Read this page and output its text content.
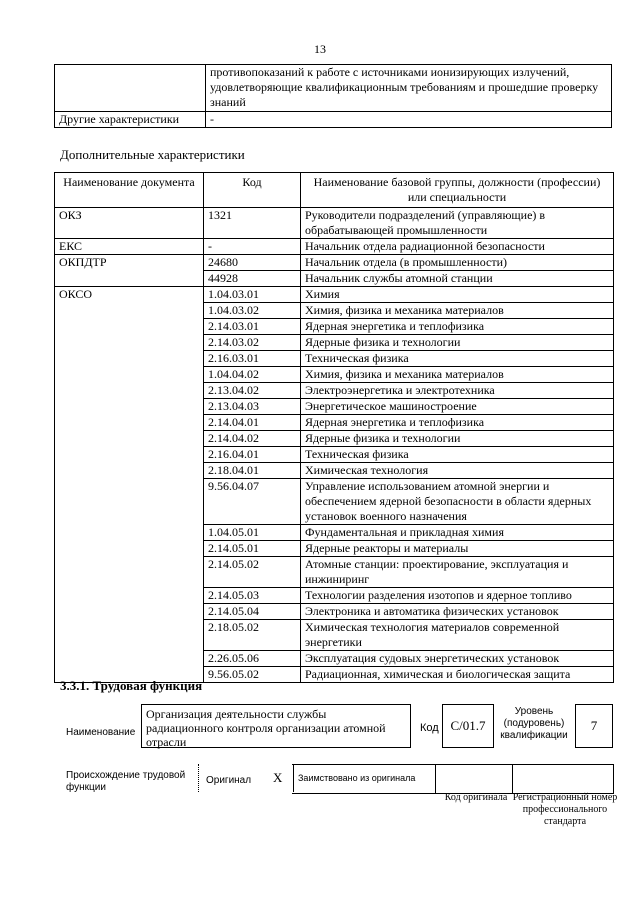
13
	противопоказаний к работе с источниками ионизирующих излучений, удовлетворяющие квалификационным требованиям и прошедшие проверку знаний
Другие характеристики	-
Дополнительные характеристики
Наименование документа	Код	Наименование базовой группы, должности (профессии) или специальности
ОКЗ	1321	Руководители подразделений (управляющие) в обрабатывающей промышленности
ЕКС	-	Начальник отдела радиационной безопасности
ОКПДТР	24680	Начальник отдела (в промышленности)
	44928	Начальник службы атомной станции
ОКСО	1.04.03.01	Химия
	1.04.03.02	Химия, физика и механика материалов
	2.14.03.01	Ядерная энергетика и теплофизика
	2.14.03.02	Ядерные физика и технологии
	2.16.03.01	Техническая физика
	1.04.04.02	Химия, физика и механика материалов
	2.13.04.02	Электроэнергетика и электротехника
	2.13.04.03	Энергетическое машиностроение
	2.14.04.01	Ядерная энергетика и теплофизика
	2.14.04.02	Ядерные физика и технологии
	2.16.04.01	Техническая физика
	2.18.04.01	Химическая технология
	9.56.04.07	Управление использованием атомной энергии и обеспечением ядерной безопасности в области ядерных установок военного назначения
	1.04.05.01	Фундаментальная и прикладная химия
	2.14.05.01	Ядерные реакторы и материалы
	2.14.05.02	Атомные станции: проектирование, эксплуатация и инжиниринг
	2.14.05.03	Технологии разделения изотопов и ядерное топливо
	2.14.05.04	Электроника и автоматика физических установок
	2.18.05.02	Химическая технология материалов современной энергетики
	2.26.05.06	Эксплуатация судовых энергетических установок
	9.56.05.02	Радиационная, химическая и биологическая защита
3.3.1. Трудовая функция
Наименование
Организация деятельности службы радиационного контроля организации атомной отрасли
Код C/01.7
Уровень (подуровень) квалификации
7
Происхождение трудовой функции
Оригинал X Заимствовано из оригинала
Код оригинала Регистрационный номер профессионального стандарта
